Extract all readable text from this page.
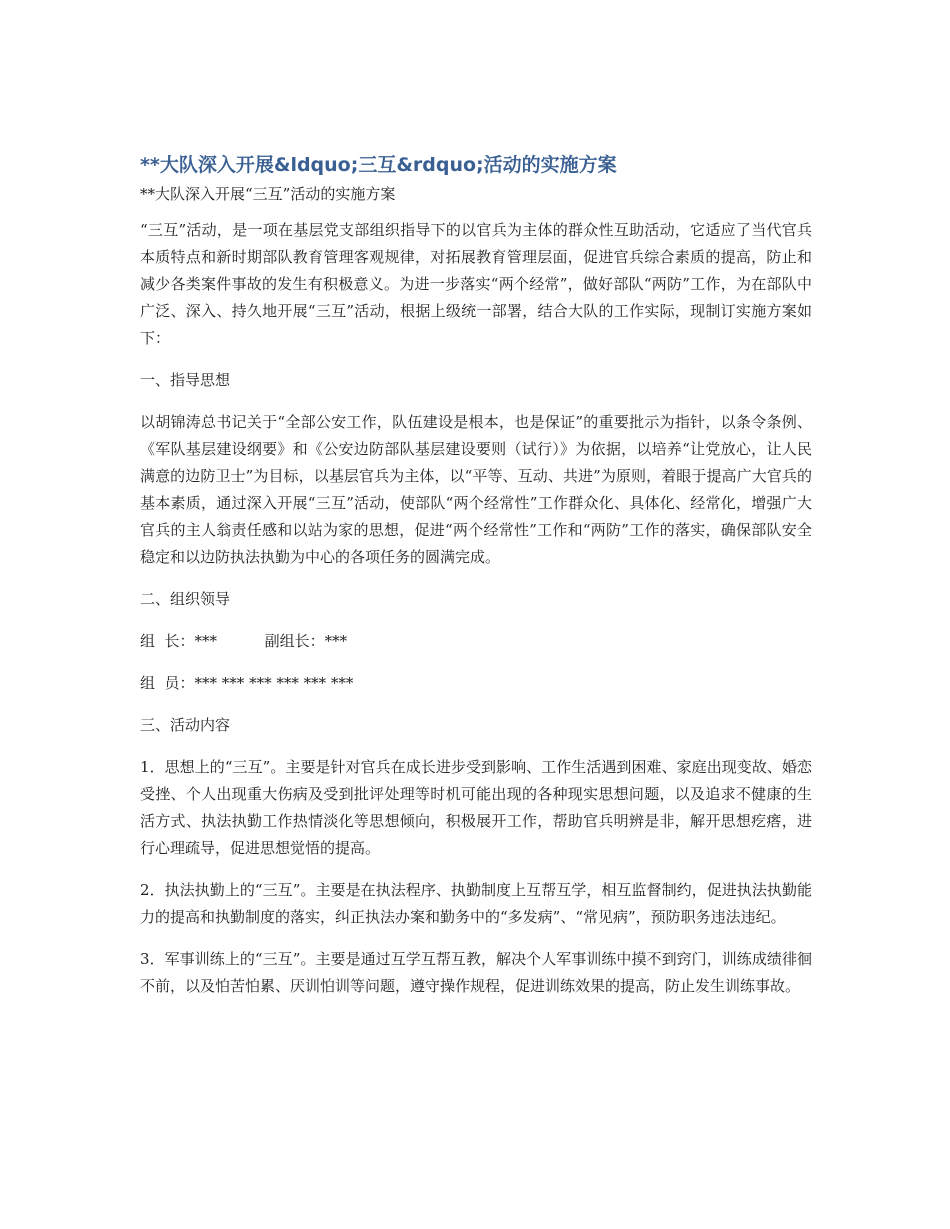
**大队深入开展&ldquo;三互&rdquo;活动的实施方案
**大队深入开展“三互”活动的实施方案

“三互”活动，是一项在基层党支部组织指导下的以官兵为主体的群众性互助活动，它适应了当代官兵本质特点和新时期部队教育管理客观规律，对拓展教育管理层面，促进官兵综合素质的提高，防止和减少各类案件事故的发生有积极意义。为进一步落实“两个经常”，做好部队“两防”工作，为在部队中广泛、深入、持久地开展“三互”活动，根据上级统一部署，结合大队的工作实际，现制订实施方案如下：

一、指导思想

以胡锦涛总书记关于“全部公安工作，队伍建设是根本，也是保证”的重要批示为指针，以条令条例、《军队基层建设纲要》和《公安边防部队基层建设要则（试行）》为依据，以培养“让党放心，让人民满意的边防卫士”为目标，以基层官兵为主体，以“平等、互动、共进”为原则，着眼于提高广大官兵的基本素质，通过深入开展“三互”活动，使部队“两个经常性”工作群众化、具体化、经常化，增强广大官兵的主人翁责任感和以站为家的思想，促进“两个经常性”工作和“两防”工作的落实，确保部队安全稳定和以边防执法执勤为中心的各项任务的圆满完成。

二、组织领导

组  长：***	副组长：***
组  员：*** *** *** *** *** ***

三、活动内容

1．思想上的“三互”。主要是针对官兵在成长进步受到影响、工作生活遇到困难、家庭出现变故、婚恋受挫、个人出现重大伤病及受到批评处理等时机可能出现的各种现实思想问题，以及追求不健康的生活方式、执法执勤工作热情淡化等思想倾向，积极展开工作，帮助官兵明辨是非，解开思想疙瘩，进行心理疏导，促进思想觉悟的提高。

2．执法执勤上的“三互”。主要是在执法程序、执勤制度上互帮互学，相互监督制约，促进执法执勤能力的提高和执勤制度的落实，纠正执法办案和勤务中的“多发病”、“常见病”，预防职务违法违纪。

3．军事训练上的“三互”。主要是通过互学互帮互教，解决个人军事训练中摸不到窍门，训练成绩徘徊不前，以及怕苦怕累、厌训怕训等问题，遵守操作规程，促进训练效果的提高，防止发生训练事故。
